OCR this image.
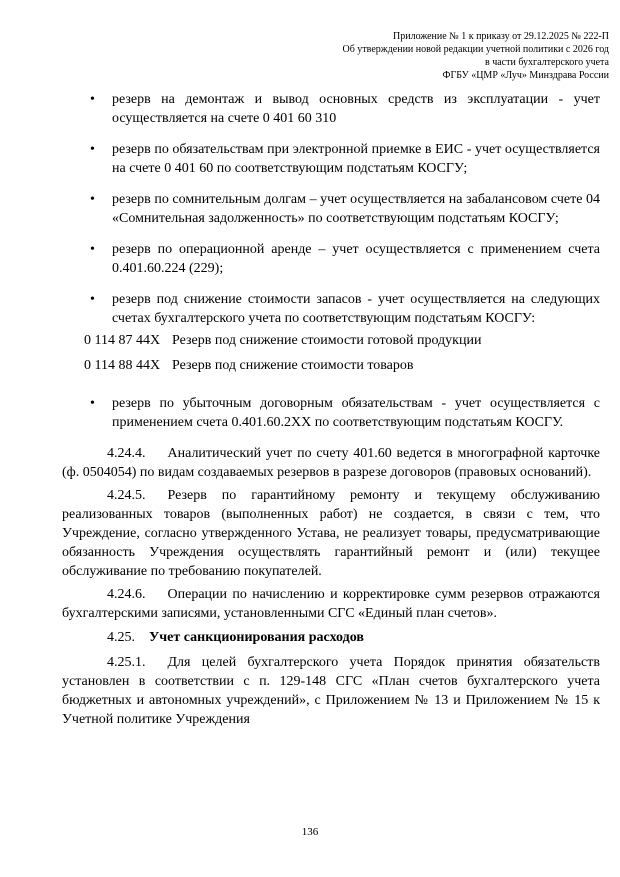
Приложение № 1 к приказу от 29.12.2025 № 222-П
Об утверждении новой редакции учетной политики с 2026 год
в части бухгалтерского учета
ФГБУ «ЦМР «Луч» Минздрава России
•	резерв на демонтаж и вывод основных средств из эксплуатации - учет осуществляется на счете 0 401 60 310
•	резерв по обязательствам при электронной приемке в ЕИС - учет осуществляется на счете 0 401 60 по соответствующим подстатьям КОСГУ;
•	резерв по сомнительным долгам – учет осуществляется на забалансовом счете 04 «Сомнительная задолженность» по соответствующим подстатьям КОСГУ;
•	резерв по операционной аренде – учет осуществляется с применением счета 0.401.60.224 (229);
•	резерв под снижение стоимости запасов - учет осуществляется на следующих счетах бухгалтерского учета по соответствующим подстатьям КОСГУ:
0 114 87 44Х Резерв под снижение стоимости готовой продукции
0 114 88 44Х Резерв под снижение стоимости товаров
•	резерв по убыточным договорным обязательствам - учет осуществляется с применением счета 0.401.60.2ХХ по соответствующим подстатьям КОСГУ.

4.24.4. Аналитический учет по счету 401.60 ведется в многографной карточке (ф. 0504054) по видам создаваемых резервов в разрезе договоров (правовых оснований).

4.24.5. Резерв по гарантийному ремонту и текущему обслуживанию реализованных товаров (выполненных работ) не создается, в связи с тем, что Учреждение, согласно утвержденного Устава, не реализует товары, предусматривающие обязанность Учреждения осуществлять гарантийный ремонт и (или) текущее обслуживание по требованию покупателей.

4.24.6. Операции по начислению и корректировке сумм резервов отражаются бухгалтерскими записями, установленными СГС «Единый план счетов».

4.25. Учет санкционирования расходов

4.25.1. Для целей бухгалтерского учета Порядок принятия обязательств установлен в соответствии с п. 129-148 СГС «План счетов бухгалтерского учета бюджетных и автономных учреждений», с Приложением № 13 и Приложением № 15 к Учетной политике Учреждения

136
